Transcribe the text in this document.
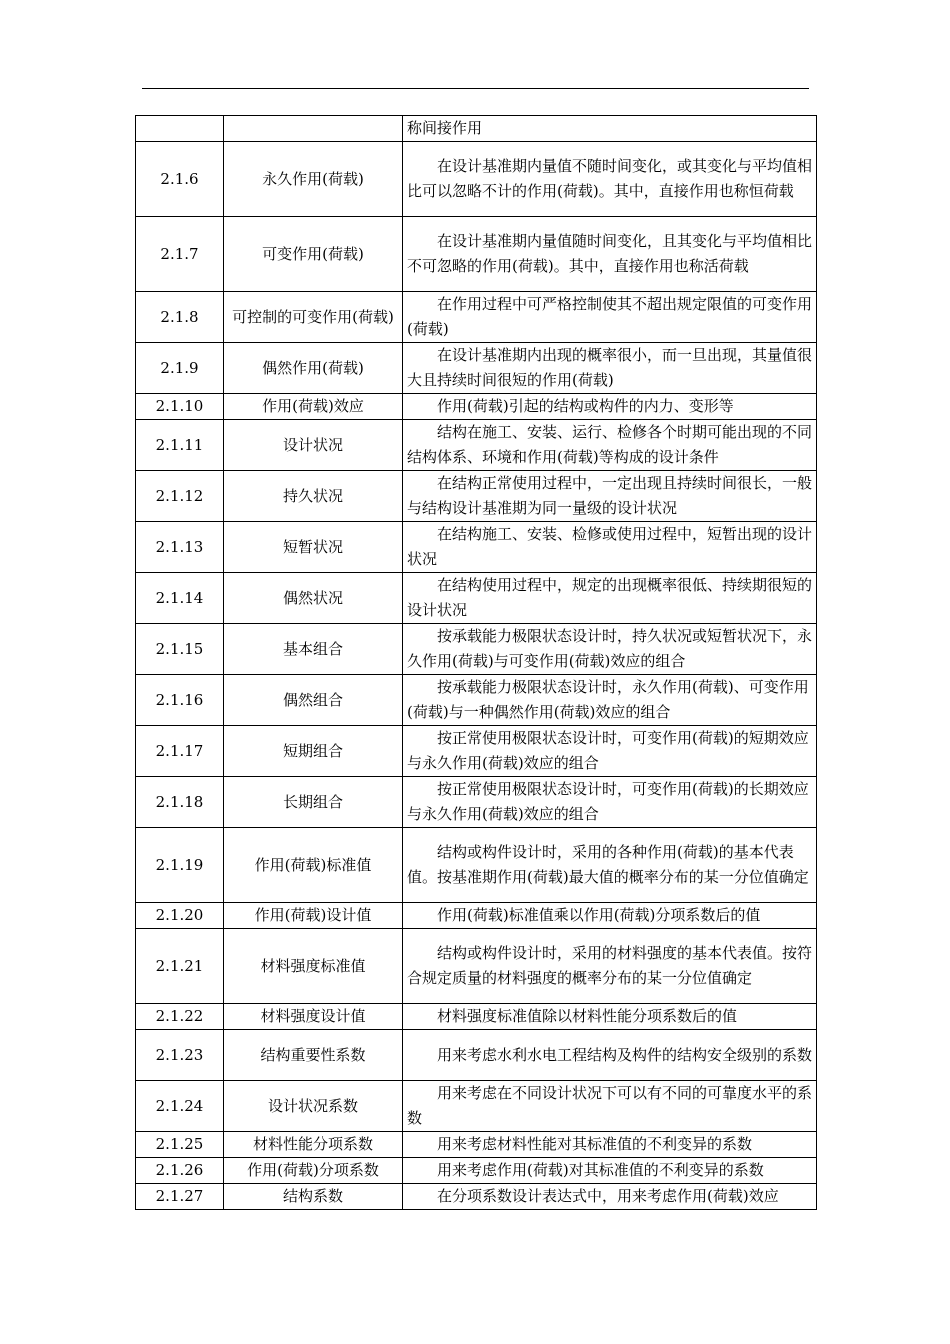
		称间接作用
2.1.6	永久作用(荷载)	在设计基准期内量值不随时间变化，或其变化与平均值相比可以忽略不计的作用(荷载)。其中，直接作用也称恒荷载
2.1.7	可变作用(荷载)	在设计基准期内量值随时间变化，且其变化与平均值相比不可忽略的作用(荷载)。其中，直接作用也称活荷载
2.1.8	可控制的可变作用(荷载)	在作用过程中可严格控制使其不超出规定限值的可变作用(荷载)
2.1.9	偶然作用(荷载)	在设计基准期内出现的概率很小，而一旦出现，其量值很大且持续时间很短的作用(荷载)
2.1.10	作用(荷载)效应	作用(荷载)引起的结构或构件的内力、变形等
2.1.11	设计状况	结构在施工、安装、运行、检修各个时期可能出现的不同结构体系、环境和作用(荷载)等构成的设计条件
2.1.12	持久状况	在结构正常使用过程中，一定出现且持续时间很长，一般与结构设计基准期为同一量级的设计状况
2.1.13	短暂状况	在结构施工、安装、检修或使用过程中，短暂出现的设计状况
2.1.14	偶然状况	在结构使用过程中，规定的出现概率很低、持续期很短的设计状况
2.1.15	基本组合	按承载能力极限状态设计时，持久状况或短暂状况下，永久作用(荷载)与可变作用(荷载)效应的组合
2.1.16	偶然组合	按承载能力极限状态设计时，永久作用(荷载)、可变作用(荷载)与一种偶然作用(荷载)效应的组合
2.1.17	短期组合	按正常使用极限状态设计时，可变作用(荷载)的短期效应与永久作用(荷载)效应的组合
2.1.18	长期组合	按正常使用极限状态设计时，可变作用(荷载)的长期效应与永久作用(荷载)效应的组合
2.1.19	作用(荷载)标准值	结构或构件设计时，采用的各种作用(荷载)的基本代表值。按基准期作用(荷载)最大值的概率分布的某一分位值确定
2.1.20	作用(荷载)设计值	作用(荷载)标准值乘以作用(荷载)分项系数后的值
2.1.21	材料强度标准值	结构或构件设计时，采用的材料强度的基本代表值。按符合规定质量的材料强度的概率分布的某一分位值确定
2.1.22	材料强度设计值	材料强度标准值除以材料性能分项系数后的值
2.1.23	结构重要性系数	用来考虑水利水电工程结构及构件的结构安全级别的系数
2.1.24	设计状况系数	用来考虑在不同设计状况下可以有不同的可靠度水平的系数
2.1.25	材料性能分项系数	用来考虑材料性能对其标准值的不利变异的系数
2.1.26	作用(荷载)分项系数	用来考虑作用(荷载)对其标准值的不利变异的系数
2.1.27	结构系数	在分项系数设计表达式中，用来考虑作用(荷载)效应
